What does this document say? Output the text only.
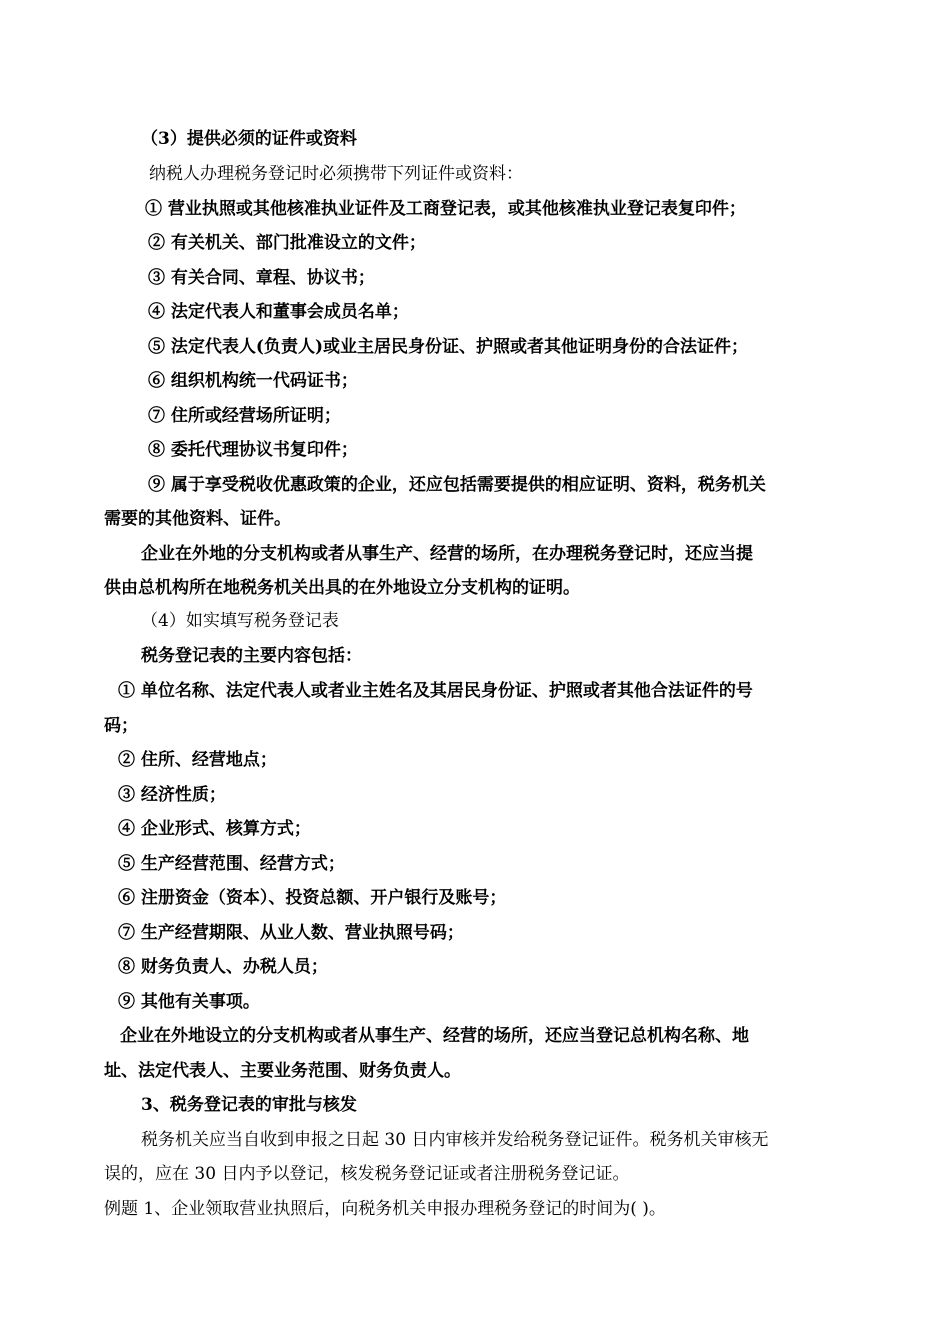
（3）提供必须的证件或资料

纳税人办理税务登记时必须携带下列证件或资料：

① 营业执照或其他核准执业证件及工商登记表，或其他核准执业登记表复印件；

② 有关机关、部门批准设立的文件；

③ 有关合同、章程、协议书；

④ 法定代表人和董事会成员名单；

⑤ 法定代表人(负责人)或业主居民身份证、护照或者其他证明身份的合法证件；

⑥ 组织机构统一代码证书；

⑦ 住所或经营场所证明；

⑧ 委托代理协议书复印件；

⑨ 属于享受税收优惠政策的企业，还应包括需要提供的相应证明、资料，税务机关

需要的其他资料、证件。

企业在外地的分支机构或者从事生产、经营的场所，在办理税务登记时，还应当提

供由总机构所在地税务机关出具的在外地设立分支机构的证明。

（4）如实填写税务登记表

税务登记表的主要内容包括：

① 单位名称、法定代表人或者业主姓名及其居民身份证、护照或者其他合法证件的号

码；

② 住所、经营地点；

③ 经济性质；

④ 企业形式、核算方式；

⑤ 生产经营范围、经营方式；

⑥ 注册资金（资本）、投资总额、开户银行及账号；

⑦ 生产经营期限、从业人数、营业执照号码；

⑧ 财务负责人、办税人员；

⑨ 其他有关事项。

企业在外地设立的分支机构或者从事生产、经营的场所，还应当登记总机构名称、地

址、法定代表人、主要业务范围、财务负责人。

3、税务登记表的审批与核发

税务机关应当自收到申报之日起 30 日内审核并发给税务登记证件。税务机关审核无

误的，应在 30 日内予以登记，核发税务登记证或者注册税务登记证。

例题 1、企业领取营业执照后，向税务机关申报办理税务登记的时间为( )。
